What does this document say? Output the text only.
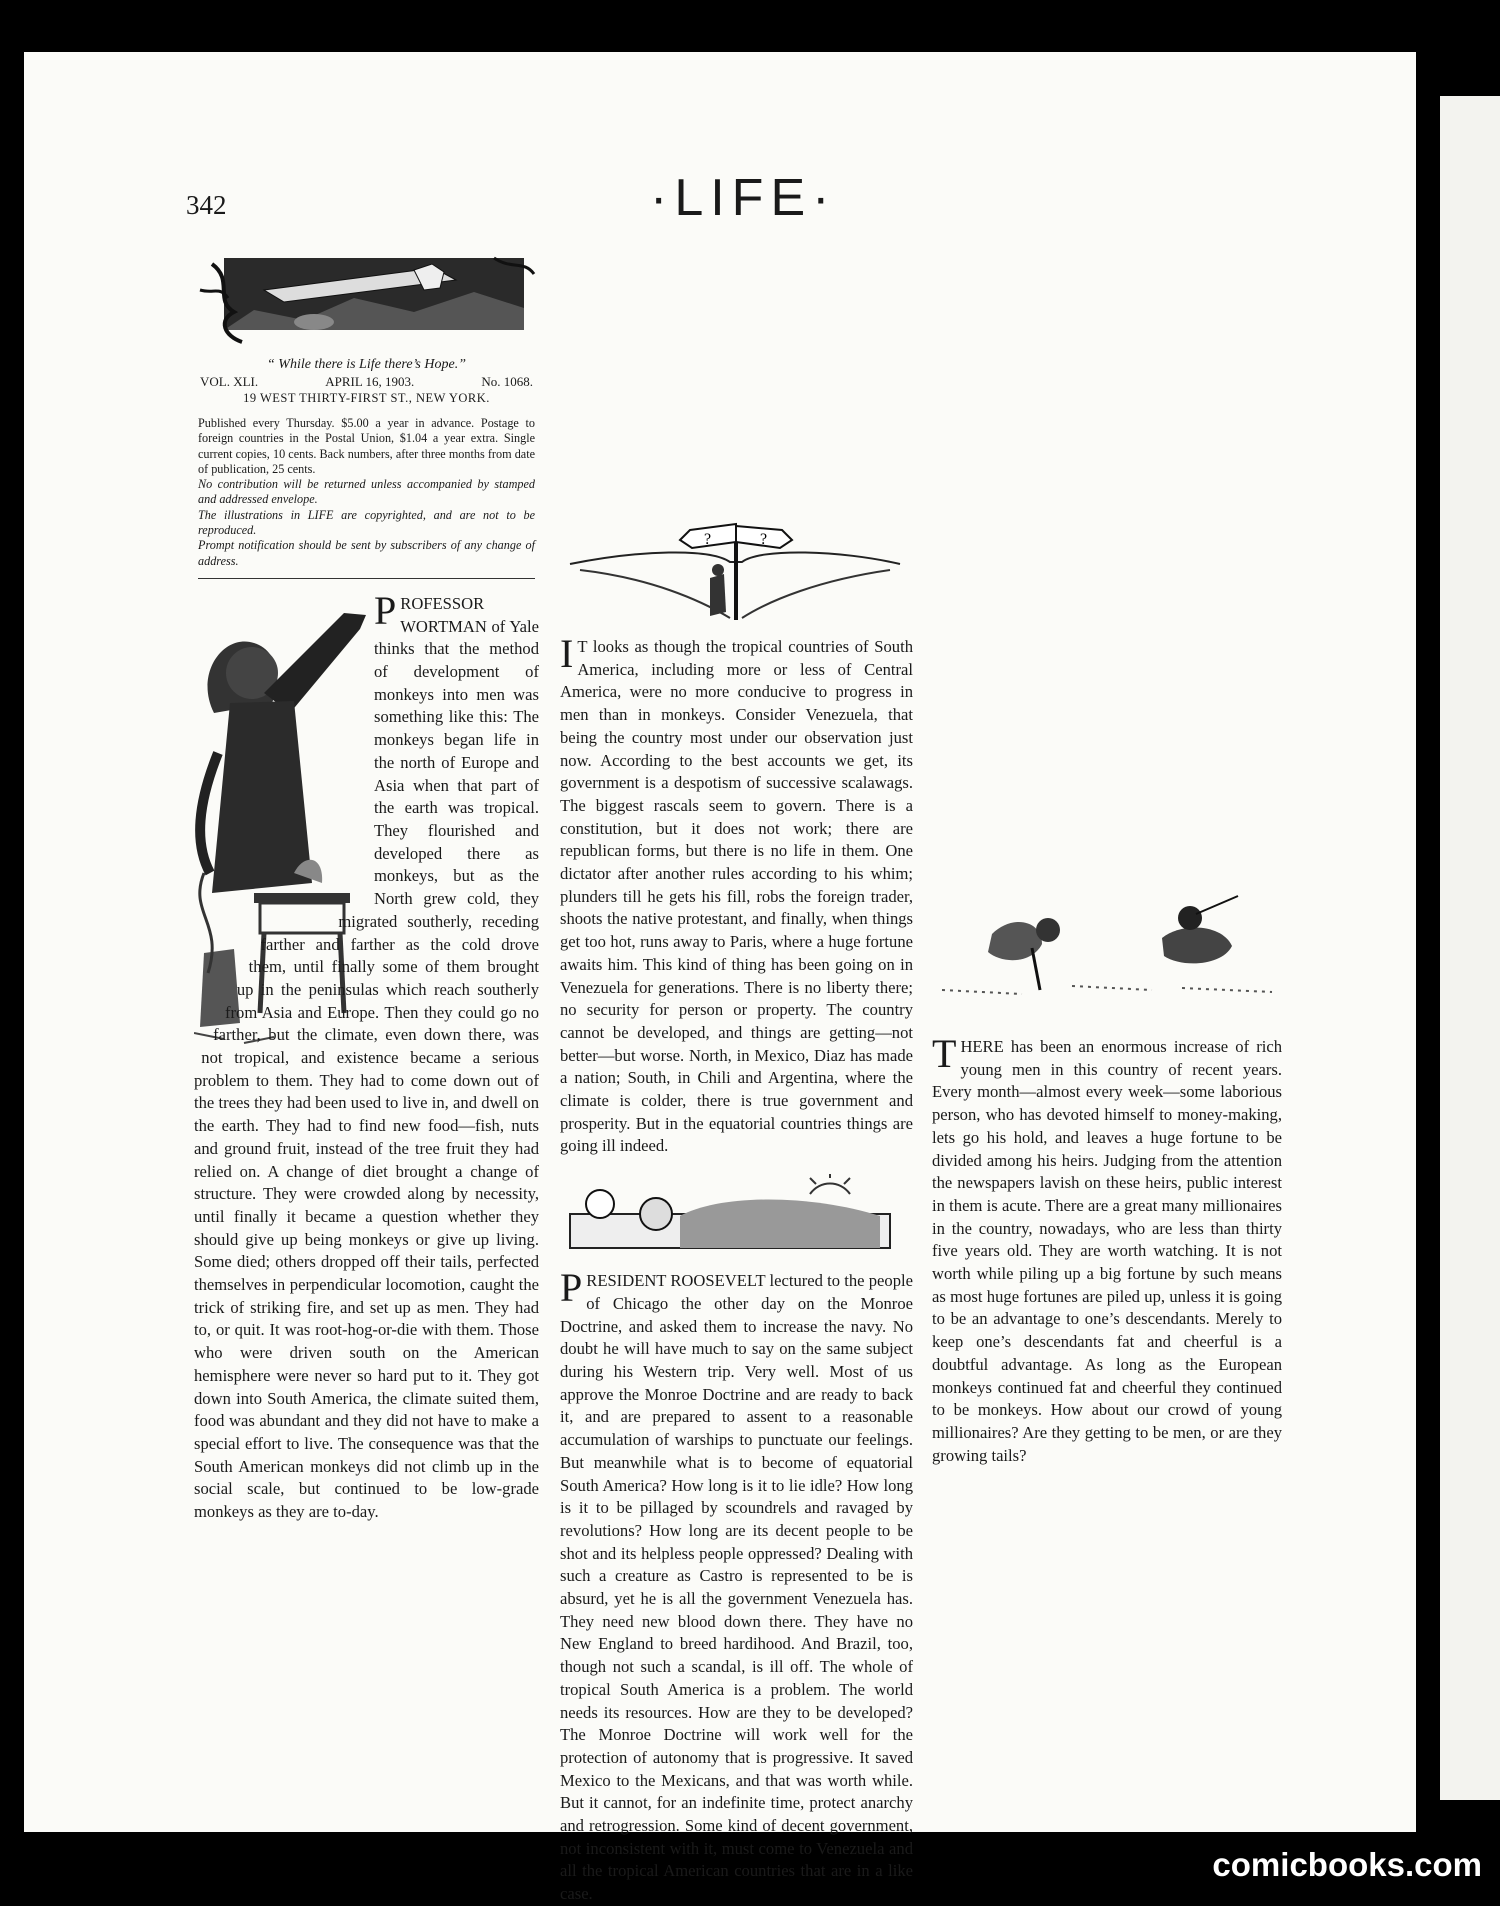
342	·LIFE·
“ While there is Life there’s Hope.”
VOL. XLI.	APRIL 16, 1903.	No. 1068.
19 WEST THIRTY-FIRST ST., NEW YORK.

Published every Thursday. $5.00 a year in advance. Postage to foreign countries in the Postal Union, $1.04 a year extra. Single current copies, 10 cents. Back numbers, after three months from date of publication, 25 cents.

No contribution will be returned unless accompanied by stamped and addressed envelope.

The illustrations in LIFE are copyrighted, and are not to be reproduced.

Prompt notification should be sent by subscribers of any change of address.

PROFESSOR WORTMAN of Yale thinks that the method of development of monkeys into men was something like this: The monkeys began life in the north of Europe and Asia when that part of the earth was tropical. They flourished and developed there as monkeys, but as the North grew cold, they migrated southerly, receding farther and farther as the cold drove them, until finally some of them brought up in the peninsulas which reach southerly from Asia and Europe. Then they could go no farther, but the climate, even down there, was not tropical, and existence became a serious problem to them. They had to come down out of the trees they had been used to live in, and dwell on the earth. They had to find new food—fish, nuts and ground fruit, instead of the tree fruit they had relied on. A change of diet brought a change of structure. They were crowded along by necessity, until finally it became a question whether they should give up being monkeys or give up living. Some died; others dropped off their tails, perfected themselves in perpendicular locomotion, caught the trick of striking fire, and set up as men. They had to, or quit. It was root-hog-or-die with them. Those who were driven south on the American hemisphere were never so hard put to it. They got down into South America, the climate suited them, food was abundant and they did not have to make a special effort to live. The consequence was that the South American monkeys did not climb up in the social scale, but continued to be low-grade monkeys as they are to-day.

?	?

I T looks as though the tropical countries of South America, including more or less of Central America, were no more conducive to progress in men than in monkeys. Consider Venezuela, that being the country most under our observation just now. According to the best accounts we get, its government is a despotism of successive scalawags. The biggest rascals seem to govern. There is a constitution, but it does not work; there are republican forms, but there is no life in them. One dictator after another rules according to his whim; plunders till he gets his fill, robs the foreign trader, shoots the native protestant, and finally, when things get too hot, runs away to Paris, where a huge fortune awaits him. This kind of thing has been going on in Venezuela for generations. There is no liberty there; no security for person or property. The country cannot be developed, and things are getting—not better—but worse. North, in Mexico, Diaz has made a nation; South, in Chili and Argentina, where the climate is colder, there is true government and prosperity. But in the equatorial countries things are going ill indeed.

PRESIDENT ROOSEVELT lectured to the people of Chicago the other day on the Monroe Doctrine, and asked them to increase the navy. No doubt he will have much to say on the same subject during his Western trip. Very well. Most of us approve the Monroe Doctrine and are ready to back it, and are prepared to assent to a reasonable accumulation of warships to punctuate our feelings. But meanwhile what is to become of equatorial South America? How long is it to lie idle? How long is it to be pillaged by scoundrels and ravaged by revolutions? How long are its decent people to be shot and its helpless people oppressed? Dealing with such a creature as Castro is represented to be is absurd, yet he is all the government Venezuela has. They need new blood down there. They have no New England to breed hardihood. And Brazil, too, though not such a scandal, is ill off. The whole of tropical South America is a problem. The world needs its resources. How are they to be developed? The Monroe Doctrine will work well for the protection of autonomy that is progressive. It saved Mexico to the Mexicans, and that was worth while. But it cannot, for an indefinite time, protect anarchy and retrogression. Some kind of decent government, not inconsistent with it, must come to Venezuela and all the tropical American countries that are in a like case.

THERE has been an enormous increase of rich young men in this country of recent years. Every month—almost every week—some laborious person, who has devoted himself to money-making, lets go his hold, and leaves a huge fortune to be divided among his heirs. Judging from the attention the newspapers lavish on these heirs, public interest in them is acute. There are a great many millionaires in the country, nowadays, who are less than thirty five years old. They are worth watching. It is not worth while piling up a big fortune by such means as most huge fortunes are piled up, unless it is going to be an advantage to one’s descendants. Merely to keep one’s descendants fat and cheerful is a doubtful advantage. As long as the European monkeys continued fat and cheerful they continued to be monkeys. How about our crowd of young millionaires? Are they getting to be men, or are they growing tails?

comicbooks.com
